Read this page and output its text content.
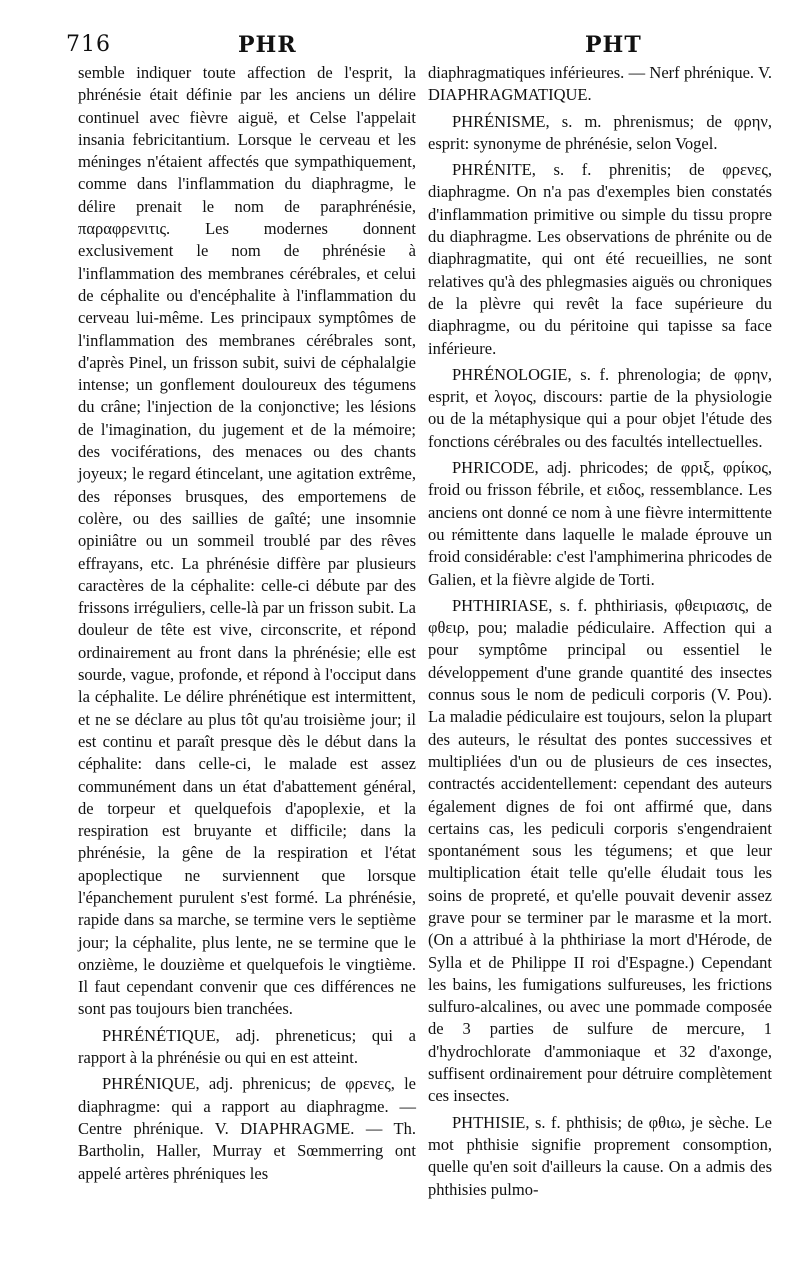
716	PHR	PHT

semble indiquer toute affection de l'esprit, la phrénésie était définie par les anciens un délire continuel avec fièvre aiguë, et Celse l'appelait insania febricitantium. Lorsque le cerveau et les méninges n'étaient affectés que sympathiquement, comme dans l'inflammation du diaphragme, le délire prenait le nom de paraphrénésie, παραφρενιτις. Les modernes donnent exclusivement le nom de phrénésie à l'inflammation des membranes cérébrales, et celui de céphalite ou d'encéphalite à l'inflammation du cerveau lui-même. Les principaux symptômes de l'inflammation des membranes cérébrales sont, d'après Pinel, un frisson subit, suivi de céphalalgie intense; un gonflement douloureux des tégumens du crâne; l'injection de la conjonctive; les lésions de l'imagination, du jugement et de la mémoire; des vociférations, des menaces ou des chants joyeux; le regard étincelant, une agitation extrême, des réponses brusques, des emportemens de colère, ou des saillies de gaîté; une insomnie opiniâtre ou un sommeil troublé par des rêves effrayans, etc. La phrénésie diffère par plusieurs caractères de la céphalite: celle-ci débute par des frissons irréguliers, celle-là par un frisson subit. La douleur de tête est vive, circonscrite, et répond ordinairement au front dans la phrénésie; elle est sourde, vague, profonde, et répond à l'occiput dans la céphalite. Le délire phrénétique est intermittent, et ne se déclare au plus tôt qu'au troisième jour; il est continu et paraît presque dès le début dans la céphalite: dans celle-ci, le malade est assez communément dans un état d'abattement général, de torpeur et quelquefois d'apoplexie, et la respiration est bruyante et difficile; dans la phrénésie, la gêne de la respiration et l'état apoplectique ne surviennent que lorsque l'épanchement purulent s'est formé. La phrénésie, rapide dans sa marche, se termine vers le septième jour; la céphalite, plus lente, ne se termine que le onzième, le douzième et quelquefois le vingtième. Il faut cependant convenir que ces différences ne sont pas toujours bien tranchées.

PHRÉNÉTIQUE, adj. phreneticus; qui a rapport à la phrénésie ou qui en est atteint.

PHRÉNIQUE, adj. phrenicus; de φρενες, le diaphragme: qui a rapport au diaphragme. — Centre phrénique. V. DIAPHRAGME. — Th. Bartholin, Haller, Murray et Sœmmerring ont appelé artères phréniques les

diaphragmatiques inférieures. — Nerf phrénique. V. DIAPHRAGMATIQUE.

PHRÉNISME, s. m. phrenismus; de φρην, esprit: synonyme de phrénésie, selon Vogel.

PHRÉNITE, s. f. phrenitis; de φρενες, diaphragme. On n'a pas d'exemples bien constatés d'inflammation primitive ou simple du tissu propre du diaphragme. Les observations de phrénite ou de diaphragmatite, qui ont été recueillies, ne sont relatives qu'à des phlegmasies aiguës ou chroniques de la plèvre qui revêt la face supérieure du diaphragme, ou du péritoine qui tapisse sa face inférieure.

PHRÉNOLOGIE, s. f. phrenologia; de φρην, esprit, et λογος, discours: partie de la physiologie ou de la métaphysique qui a pour objet l'étude des fonctions cérébrales ou des facultés intellectuelles.

PHRICODE, adj. phricodes; de φριξ, φρίκος, froid ou frisson fébrile, et ειδος, ressemblance. Les anciens ont donné ce nom à une fièvre intermittente ou rémittente dans laquelle le malade éprouve un froid considérable: c'est l'amphimerina phricodes de Galien, et la fièvre algide de Torti.

PHTHIRIASE, s. f. phthiriasis, φθειριασις, de φθειρ, pou; maladie pédiculaire. Affection qui a pour symptôme principal ou essentiel le développement d'une grande quantité des insectes connus sous le nom de pediculi corporis (V. Pou). La maladie pédiculaire est toujours, selon la plupart des auteurs, le résultat des pontes successives et multipliées d'un ou de plusieurs de ces insectes, contractés accidentellement: cependant des auteurs également dignes de foi ont affirmé que, dans certains cas, les pediculi corporis s'engendraient spontanément sous les tégumens; et que leur multiplication était telle qu'elle éludait tous les soins de propreté, et qu'elle pouvait devenir assez grave pour se terminer par le marasme et la mort. (On a attribué à la phthiriase la mort d'Hérode, de Sylla et de Philippe II roi d'Espagne.) Cependant les bains, les fumigations sulfureuses, les frictions sulfuro-alcalines, ou avec une pommade composée de 3 parties de sulfure de mercure, 1 d'hydrochlorate d'ammoniaque et 32 d'axonge, suffisent ordinairement pour détruire complètement ces insectes.

PHTHISIE, s. f. phthisis; de φθιω, je sèche. Le mot phthisie signifie proprement consomption, quelle qu'en soit d'ailleurs la cause. On a admis des phthisies pulmo-
